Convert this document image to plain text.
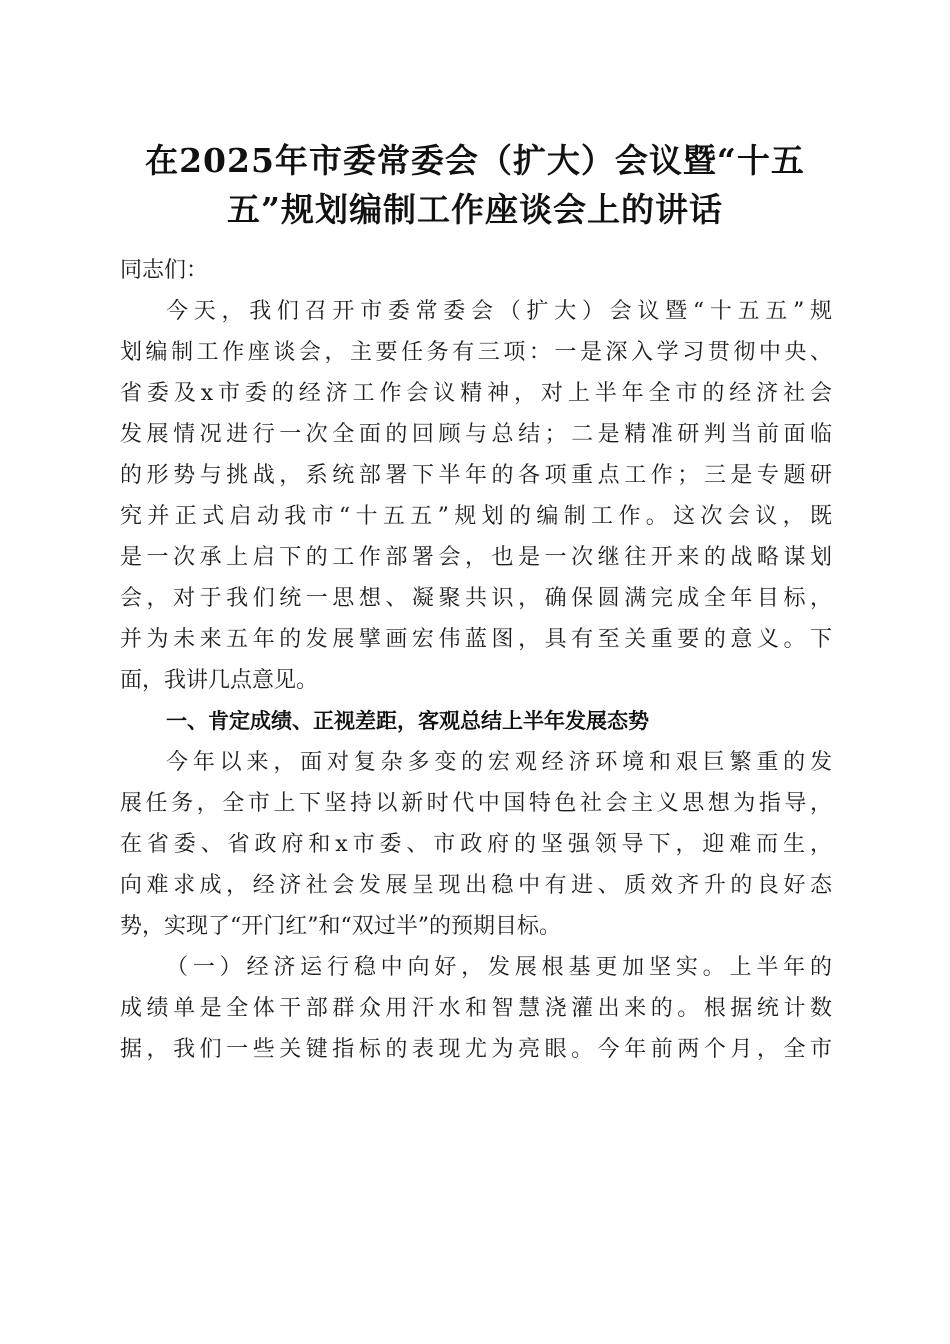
在2025年市委常委会（扩大）会议暨“十五
五”规划编制工作座谈会上的讲话
同志们：
今天，我们召开市委常委会（扩大）会议暨“十五五”规
划编制工作座谈会，主要任务有三项：一是深入学习贯彻中央、
省委及x市委的经济工作会议精神，对上半年全市的经济社会
发展情况进行一次全面的回顾与总结；二是精准研判当前面临
的形势与挑战，系统部署下半年的各项重点工作；三是专题研
究并正式启动我市“十五五”规划的编制工作。这次会议，既
是一次承上启下的工作部署会，也是一次继往开来的战略谋划
会，对于我们统一思想、凝聚共识，确保圆满完成全年目标，
并为未来五年的发展擘画宏伟蓝图，具有至关重要的意义。下
面，我讲几点意见。
一、肯定成绩、正视差距，客观总结上半年发展态势
今年以来，面对复杂多变的宏观经济环境和艰巨繁重的发
展任务，全市上下坚持以新时代中国特色社会主义思想为指导，
在省委、省政府和x市委、市政府的坚强领导下，迎难而生，
向难求成，经济社会发展呈现出稳中有进、质效齐升的良好态
势，实现了“开门红”和“双过半”的预期目标。
（一）经济运行稳中向好，发展根基更加坚实。上半年的
成绩单是全体干部群众用汗水和智慧浇灌出来的。根据统计数
据，我们一些关键指标的表现尤为亮眼。今年前两个月，全市
